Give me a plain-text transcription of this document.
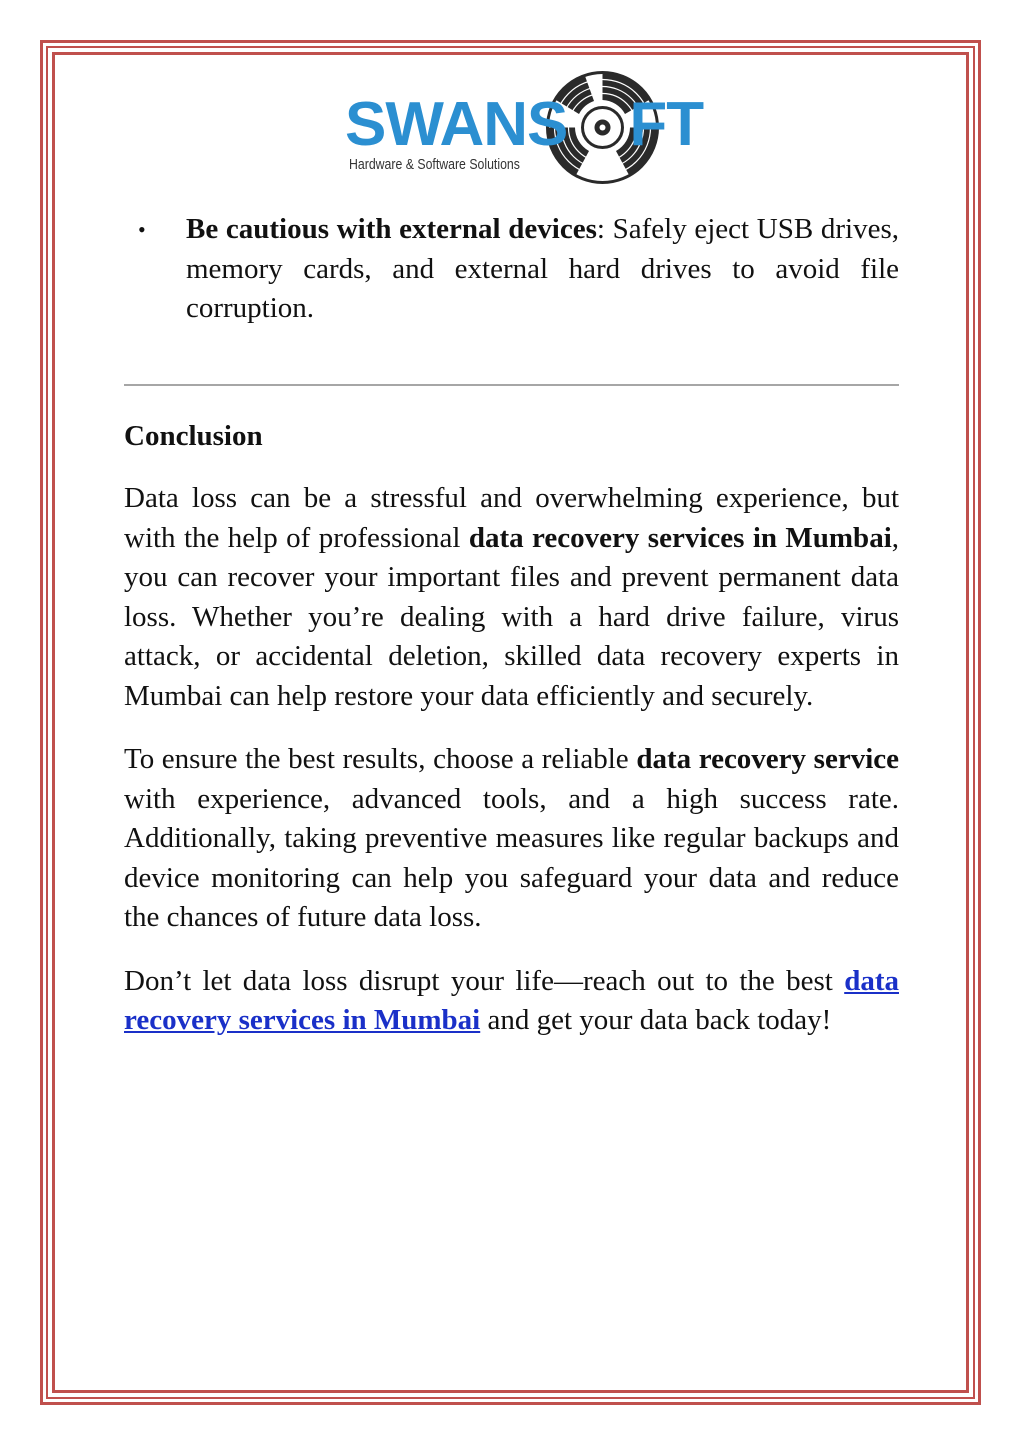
SWANS FT
Hardware & Software Solutions
• Be cautious with external devices: Safely eject USB drives, memory cards, and external hard drives to avoid file corruption.
Conclusion

Data loss can be a stressful and overwhelming experience, but with the help of professional data recovery services in Mumbai, you can recover your important files and prevent permanent data loss. Whether you’re dealing with a hard drive failure, virus attack, or accidental deletion, skilled data recovery experts in Mumbai can help restore your data efficiently and securely.

To ensure the best results, choose a reliable data recovery service with experience, advanced tools, and a high success rate. Additionally, taking preventive measures like regular backups and device monitoring can help you safeguard your data and reduce the chances of future data loss.

Don’t let data loss disrupt your life—reach out to the best data recovery services in Mumbai and get your data back today!
